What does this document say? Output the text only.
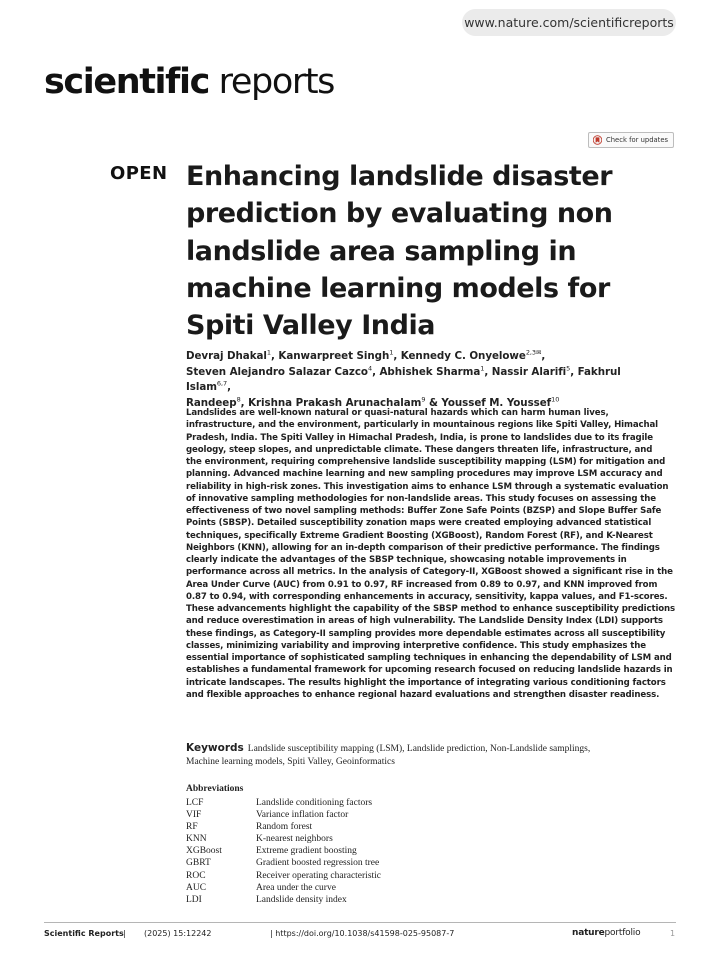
www.nature.com/scientificreports
scientific reports
Check for updates
OPEN Enhancing landslide disaster prediction by evaluating non landslide area sampling in machine learning models for Spiti Valley India
Devraj Dhakal$^1$, Kanwarpreet Singh$^1$, Kennedy C. Onyelowe$^{2,3✉}$,
Steven Alejandro Salazar Cazco$^4$, Abhishek Sharma$^1$, Nassir Alarifi$^5$, Fakhrul Islam$^{6,7}$,
Randeep$^8$, Krishna Prakash Arunachalam$^9$ & Youssef M. Youssef$^{10}$
Landslides are well-known natural or quasi-natural hazards which can harm human lives,
infrastructure, and the environment, particularly in mountainous regions like Spiti Valley, Himachal
Pradesh, India. The Spiti Valley in Himachal Pradesh, India, is prone to landslides due to its fragile
geology, steep slopes, and unpredictable climate. These dangers threaten life, infrastructure, and
the environment, requiring comprehensive landslide susceptibility mapping (LSM) for mitigation and
planning. Advanced machine learning and new sampling procedures may improve LSM accuracy and
reliability in high-risk zones. This investigation aims to enhance LSM through a systematic evaluation
of innovative sampling methodologies for non-landslide areas. This study focuses on assessing the
effectiveness of two novel sampling methods: Buffer Zone Safe Points (BZSP) and Slope Buffer Safe
Points (SBSP). Detailed susceptibility zonation maps were created employing advanced statistical
techniques, specifically Extreme Gradient Boosting (XGBoost), Random Forest (RF), and K-Nearest
Neighbors (KNN), allowing for an in-depth comparison of their predictive performance. The findings
clearly indicate the advantages of the SBSP technique, showcasing notable improvements in
performance across all metrics. In the analysis of Category-II, XGBoost showed a significant rise in the
Area Under Curve (AUC) from 0.91 to 0.97, RF increased from 0.89 to 0.97, and KNN improved from
0.87 to 0.94, with corresponding enhancements in accuracy, sensitivity, kappa values, and F1-scores.
These advancements highlight the capability of the SBSP method to enhance susceptibility predictions
and reduce overestimation in areas of high vulnerability. The Landslide Density Index (LDI) supports
these findings, as Category-II sampling provides more dependable estimates across all susceptibility
classes, minimizing variability and improving interpretive confidence. This study emphasizes the
essential importance of sophisticated sampling techniques in enhancing the dependability of LSM and
establishes a fundamental framework for upcoming research focused on reducing landslide hazards in
intricate landscapes. The results highlight the importance of integrating various conditioning factors
and flexible approaches to enhance regional hazard evaluations and strengthen disaster readiness.
Keywords Landslide susceptibility mapping (LSM), Landslide prediction, Non-Landslide samplings,
Machine learning models, Spiti Valley, Geoinformatics
Abbreviations
LCF	Landslide conditioning factors
VIF	Variance inflation factor
RF	Random forest
KNN	K-nearest neighbors
XGBoost	Extreme gradient boosting
GBRT	Gradient boosted regression tree
ROC	Receiver operating characteristic
AUC	Area under the curve
LDI	Landslide density index
Scientific Reports | (2025) 15:12242	| https://doi.org/10.1038/s41598-025-95087-7	natureportfolio	1
